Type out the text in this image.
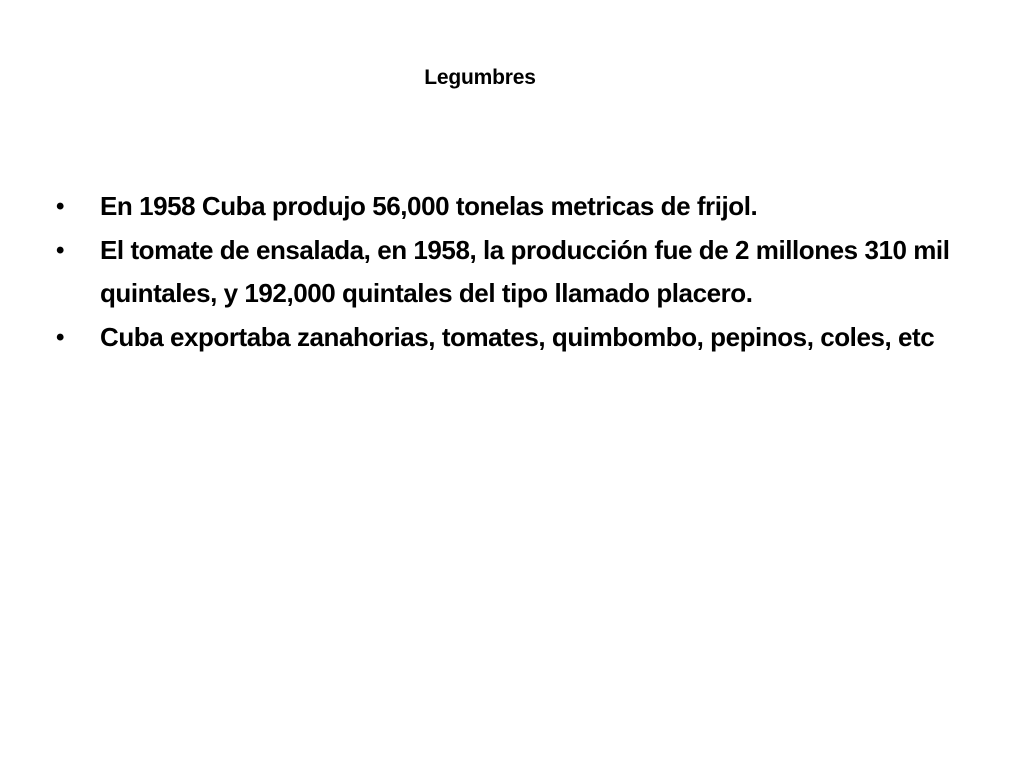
Legumbres
•	En 1958 Cuba produjo 56,000 tonelas metricas de frijol.
•	El tomate de ensalada, en 1958, la producción fue de 2 millones 310 mil quintales, y 192,000 quintales del tipo llamado placero.
•	Cuba exportaba zanahorias, tomates, quimbombo, pepinos, coles, etc
